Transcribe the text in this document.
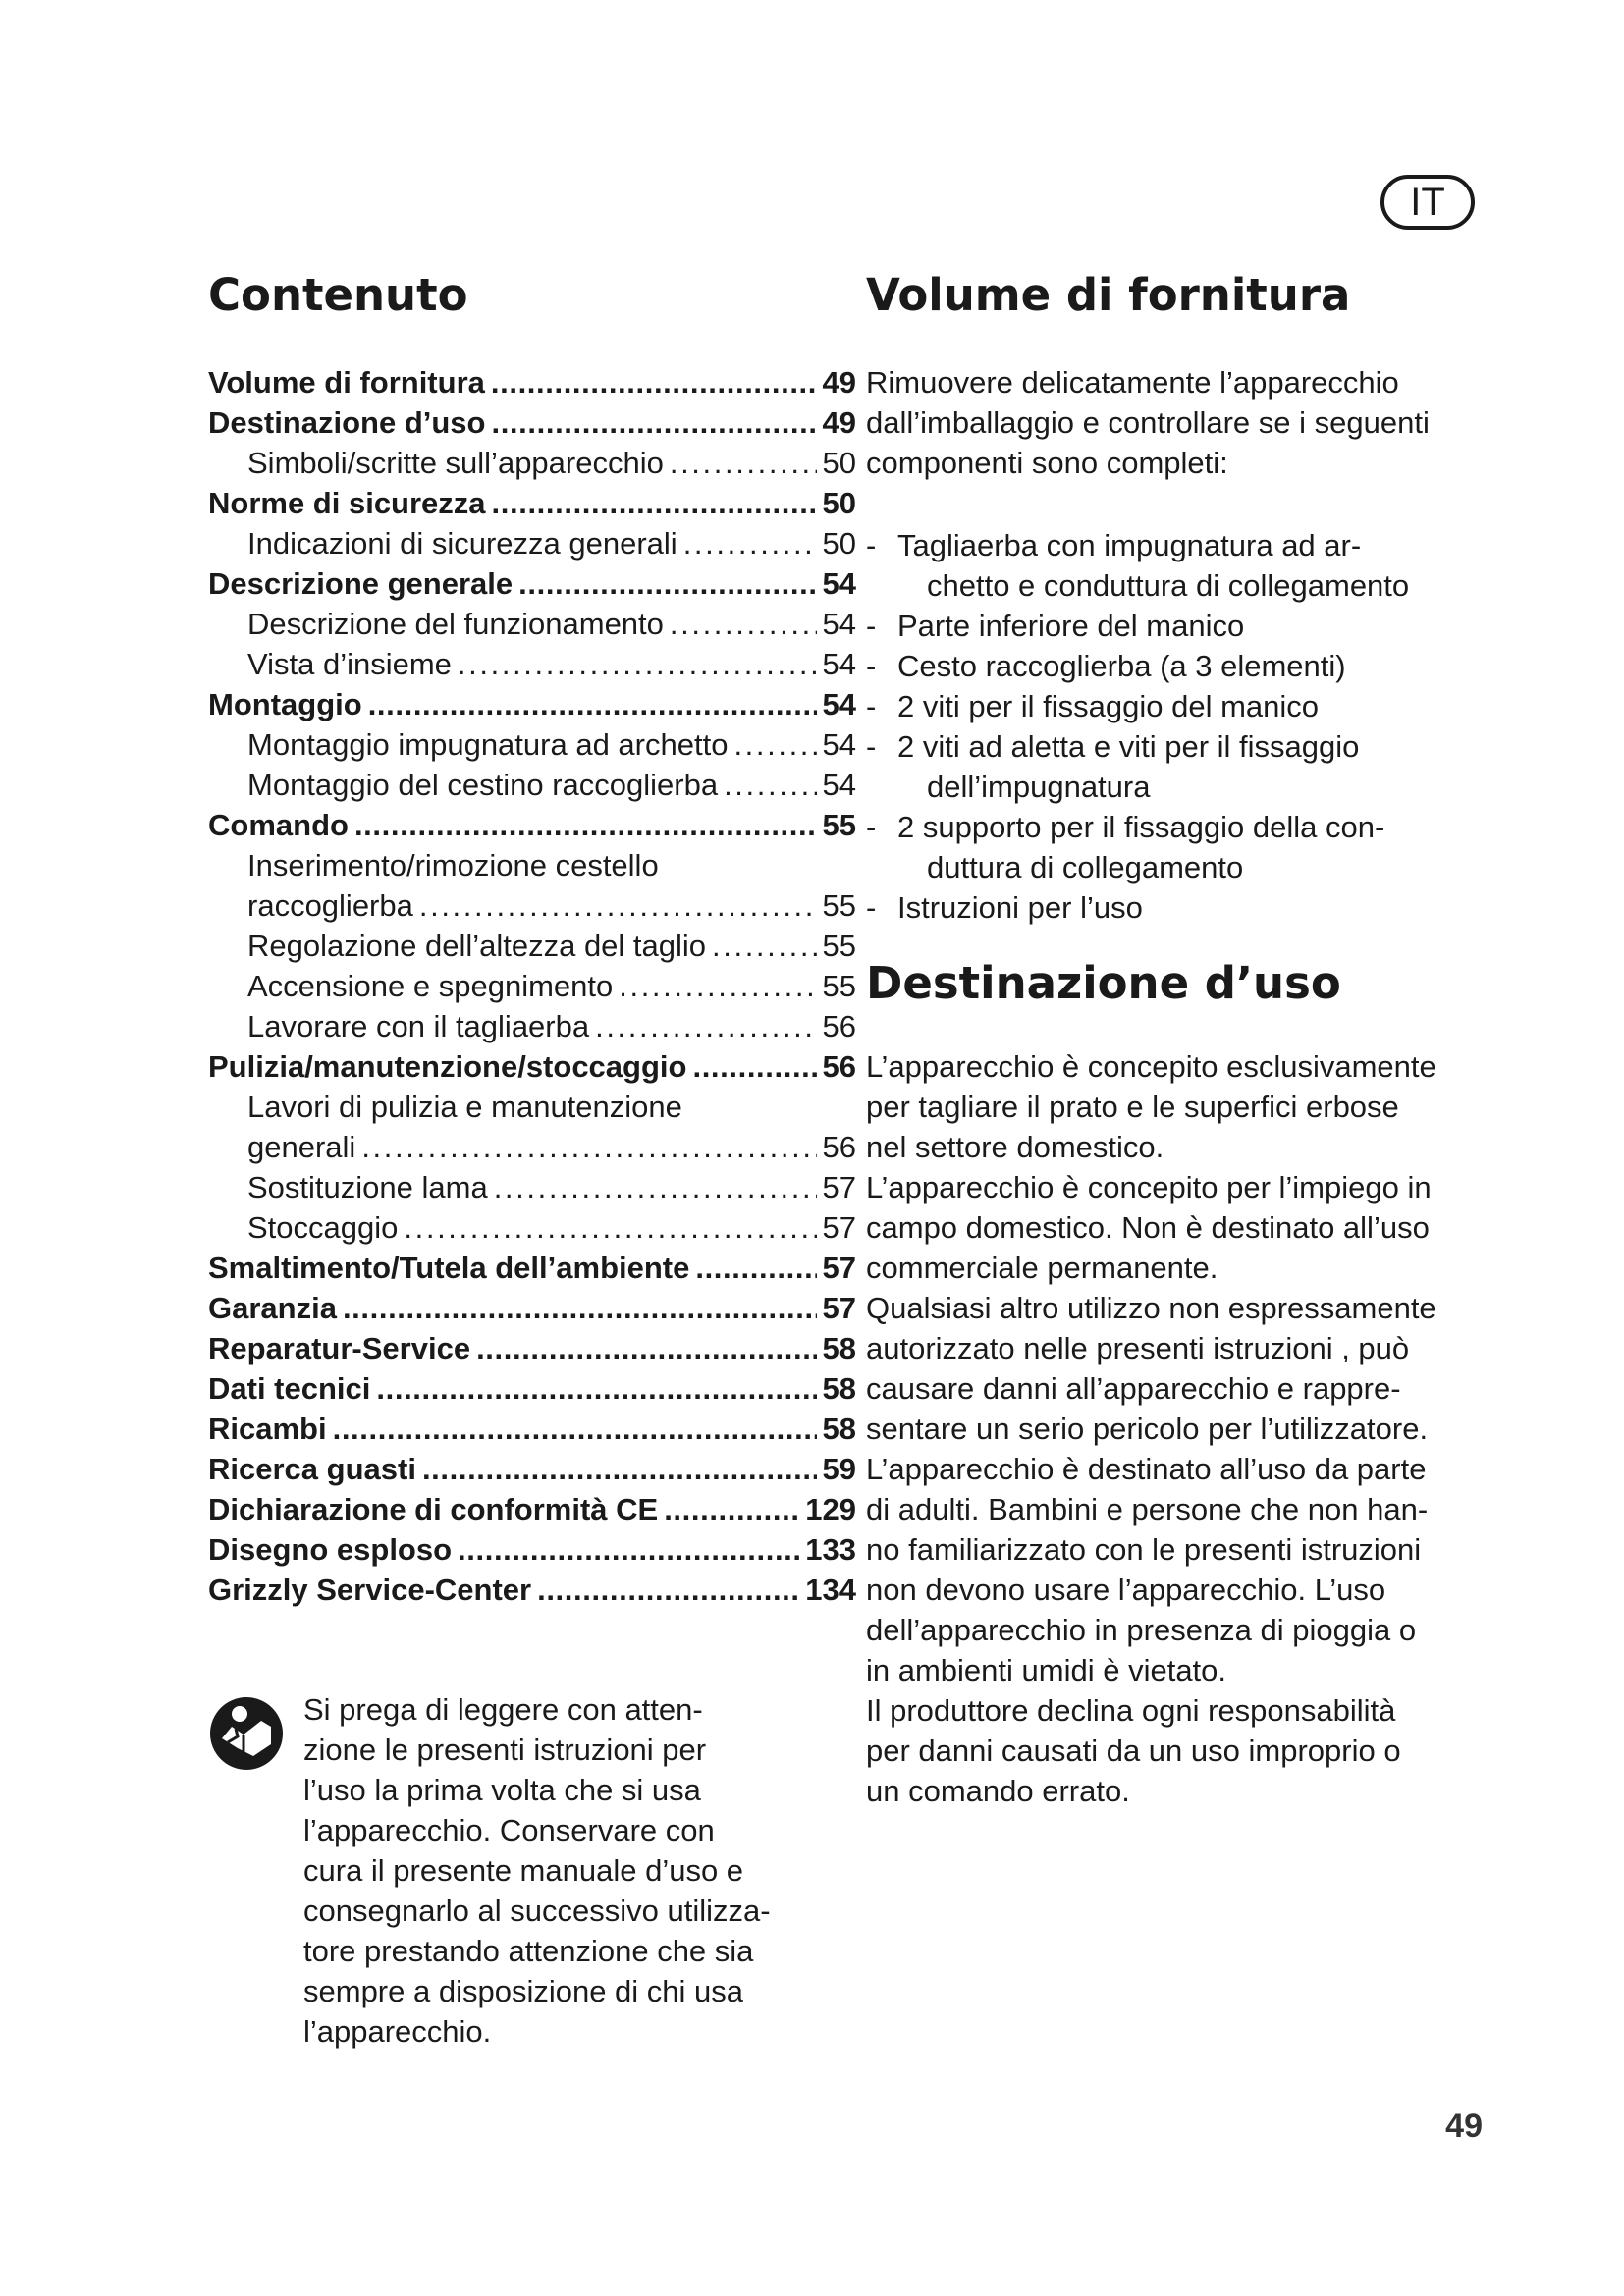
IT
Contenuto	Volume di fornitura
Volume di fornitura . . .	49
Destinazione d’uso . . .	49
Simboli/scritte sull’apparecchio . . .	50
Norme di sicurezza . . .	50
Indicazioni di sicurezza generali . . .	50
Descrizione generale . . .	54
Descrizione del funzionamento . . .	54
Vista d’insieme . . .	54
Montaggio . . .	54
Montaggio impugnatura ad archetto . . .	54
Montaggio del cestino raccoglierba . . .	54
Comando . . .	55
Inserimento/rimozione cestello
raccoglierba . . .	55
Regolazione dell’altezza del taglio . . .	55
Accensione e spegnimento . . .	55
Lavorare con il tagliaerba . . .	56
Pulizia/manutenzione/stoccaggio . . .	56
Lavori di pulizia e manutenzione
generali . . .	56
Sostituzione lama . . .	57
Stoccaggio . . .	57
Smaltimento/Tutela dell’ambiente . . .	57
Garanzia . . .	57
Reparatur-Service . . .	58
Dati tecnici . . .	58
Ricambi . . .	58
Ricerca guasti . . .	59
Dichiarazione di conformità CE . . .	129
Disegno esploso . . .	133
Grizzly Service-Center . . .	134
Si prega di leggere con atten-
zione le presenti istruzioni per
l’uso la prima volta che si usa
l’apparecchio. Conservare con
cura il presente manuale d’uso e
consegnarlo al successivo utilizza-
tore prestando attenzione che sia
sempre a disposizione di chi usa
l’apparecchio.

Rimuovere delicatamente l’apparecchio
dall’imballaggio e controllare se i seguenti
componenti sono completi:

- Tagliaerba con impugnatura ad ar-
chetto e conduttura di collegamento
- Parte inferiore del manico
- Cesto raccoglierba (a 3 elementi)
- 2 viti per il fissaggio del manico
- 2 viti ad aletta e viti per il fissaggio
dell’impugnatura
- 2 supporto per il fissaggio della con-
duttura di collegamento
- Istruzioni per l’uso
Destinazione d’uso

L’apparecchio è concepito esclusivamente
per tagliare il prato e le superfici erbose
nel settore domestico.
L’apparecchio è concepito per l’impiego in
campo domestico. Non è destinato all’uso
commerciale permanente.
Qualsiasi altro utilizzo non espressamente
autorizzato nelle presenti istruzioni , può
causare danni all’apparecchio e rappre-
sentare un serio pericolo per l’utilizzatore.
L’apparecchio è destinato all’uso da parte
di adulti. Bambini e persone che non han-
no familiarizzato con le presenti istruzioni
non devono usare l’apparecchio. L’uso
dell’apparecchio in presenza di pioggia o
in ambienti umidi è vietato.
Il produttore declina ogni responsabilità
per danni causati da un uso improprio o
un comando errato.

49
